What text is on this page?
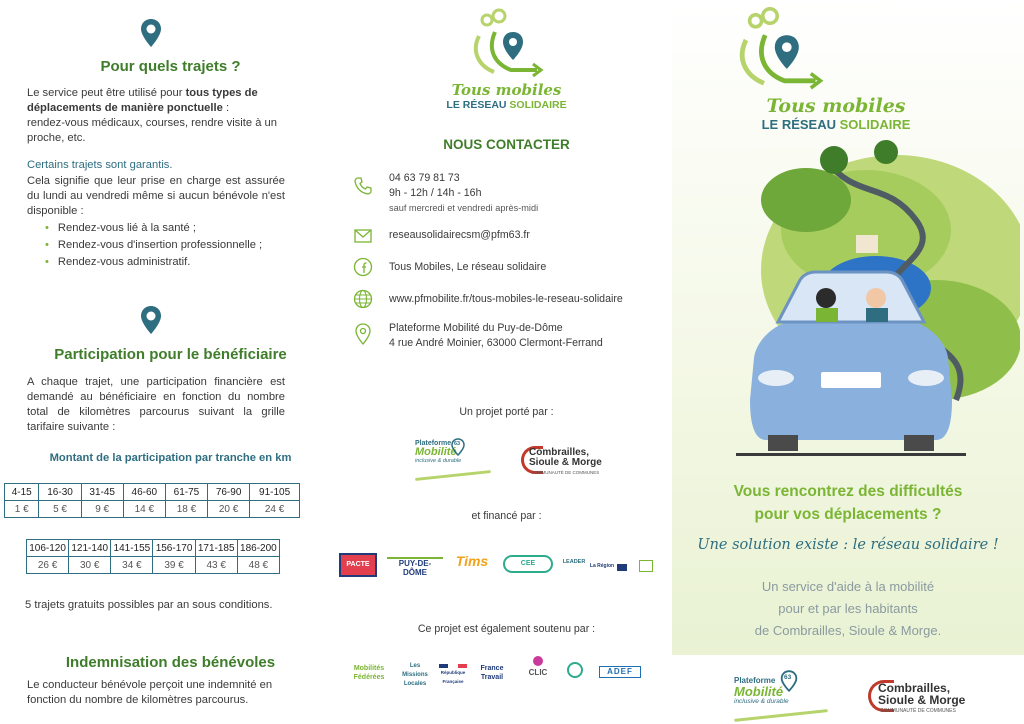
Pour quels trajets ?
Le service peut être utilisé pour tous types de déplacements de manière ponctuelle :
rendez-vous médicaux, courses, rendre visite à un proche, etc.
Certains trajets sont garantis.
Cela signifie que leur prise en charge est assurée du lundi au vendredi même si aucun bénévole n'est disponible :
• Rendez-vous lié à la santé ;
• Rendez-vous d'insertion professionnelle ;
• Rendez-vous administratif.
Participation pour le bénéficiaire
A chaque trajet, une participation financière est demandé au bénéficiaire en fonction du nombre total de kilomètres parcourus suivant la grille tarifaire suivante :
Montant de la participation par tranche en km
4-15	16-30	31-45	46-60	61-75	76-90	91-105
1 €	5 €	9 €	14 €	18 €	20 €	24 €
106-120	121-140	141-155	156-170	171-185	186-200
26 €	30 €	34 €	39 €	43 €	48 €
5 trajets gratuits possibles par an sous conditions.
Indemnisation des bénévoles
Le conducteur bénévole perçoit une indemnité en fonction du nombre de kilomètres parcourus.
Tous mobiles
LE RÉSEAU SOLIDAIRE
NOUS CONTACTER
04 63 79 81 73
9h - 12h / 14h - 16h
sauf mercredi et vendredi après-midi
reseausolidairecsm@pfm63.fr
Tous Mobiles, Le réseau solidaire
www.pfmobilite.fr/tous-mobiles-le-reseau-solidaire
Plateforme Mobilité du Puy-de-Dôme
4 rue André Moinier, 63000 Clermont-Ferrand
Un projet porté par :
Plateforme
Mobilité
inclusive & durable
63
Combrailles,
Sioule & Morge
COMMUNAUTÉ DE COMMUNES
et financé par :
PACTE	PUY-DE-DÔME
Tims	CEE	LEADER
La Région
Ce projet est également soutenu par :
Mobilités Fédérées
Les Missions Locales
République Française
France Travail
CLIC	ADEF
Tous mobiles
LE RÉSEAU SOLIDAIRE
Vous rencontrez des difficultés
pour vos déplacements ?
Une solution existe : le réseau solidaire !
Un service d'aide à la mobilité
pour et par les habitants
de Combrailles, Sioule & Morge.
Plateforme
Mobilité
inclusive & durable
63
Combrailles,
Sioule & Morge
COMMUNAUTÉ DE COMMUNES
